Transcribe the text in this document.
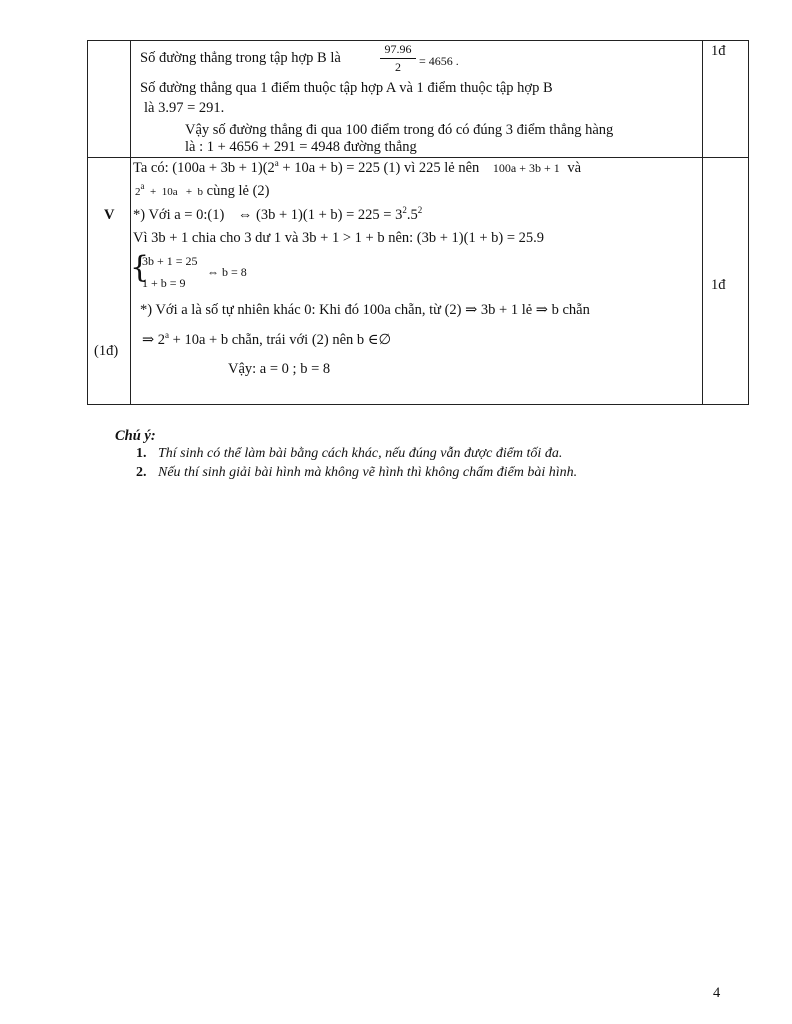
Số đường thẳng trong tập hợp B là
97.96
2	= 4656 .
Số đường thẳng qua 1 điểm thuộc tập hợp A và 1 điểm thuộc tập hợp B
là 3.97 = 291.
Vậy số đường thẳng đi qua 100 điểm trong đó có đúng 3 điểm thẳng hàng
là : 1 + 4656 + 291 = 4948 đường thẳng
1đ
V
(1đ)
1đ
Ta có: $(100a + 3b + 1)(2^a + 10a + b) = 225$ (1) vì 225 lẻ nên 100a + 3b + 1 và
2$^a$  +  10a   +  b cùng lẻ (2)
*) Với a = 0:(1) ⇔ $(3b + 1)(1 + b) = 225 = 3^2.5^2$
Vì 3b + 1 chia cho 3 dư 1 và 3b + 1 > 1 + b nên: (3b + 1)(1 + b) = 25.9
{
3b + 1 = 25
1 + b = 9
⇔ b = 8
*) Với a là số tự nhiên khác 0: Khi đó 100a chẵn, từ (2) ⇒ 3b + 1 lẻ ⇒ b chẵn
⇒ $2^a + 10a + b$ chẵn, trái với (2) nên b ∈∅
Vậy: a = 0 ; b = 8
Chú ý:
1. Thí sinh có thể làm bài bằng cách khác, nếu đúng vẫn được điểm tối đa.
2. Nếu thí sinh giải bài hình mà không vẽ hình thì không chấm điểm bài hình.
4
